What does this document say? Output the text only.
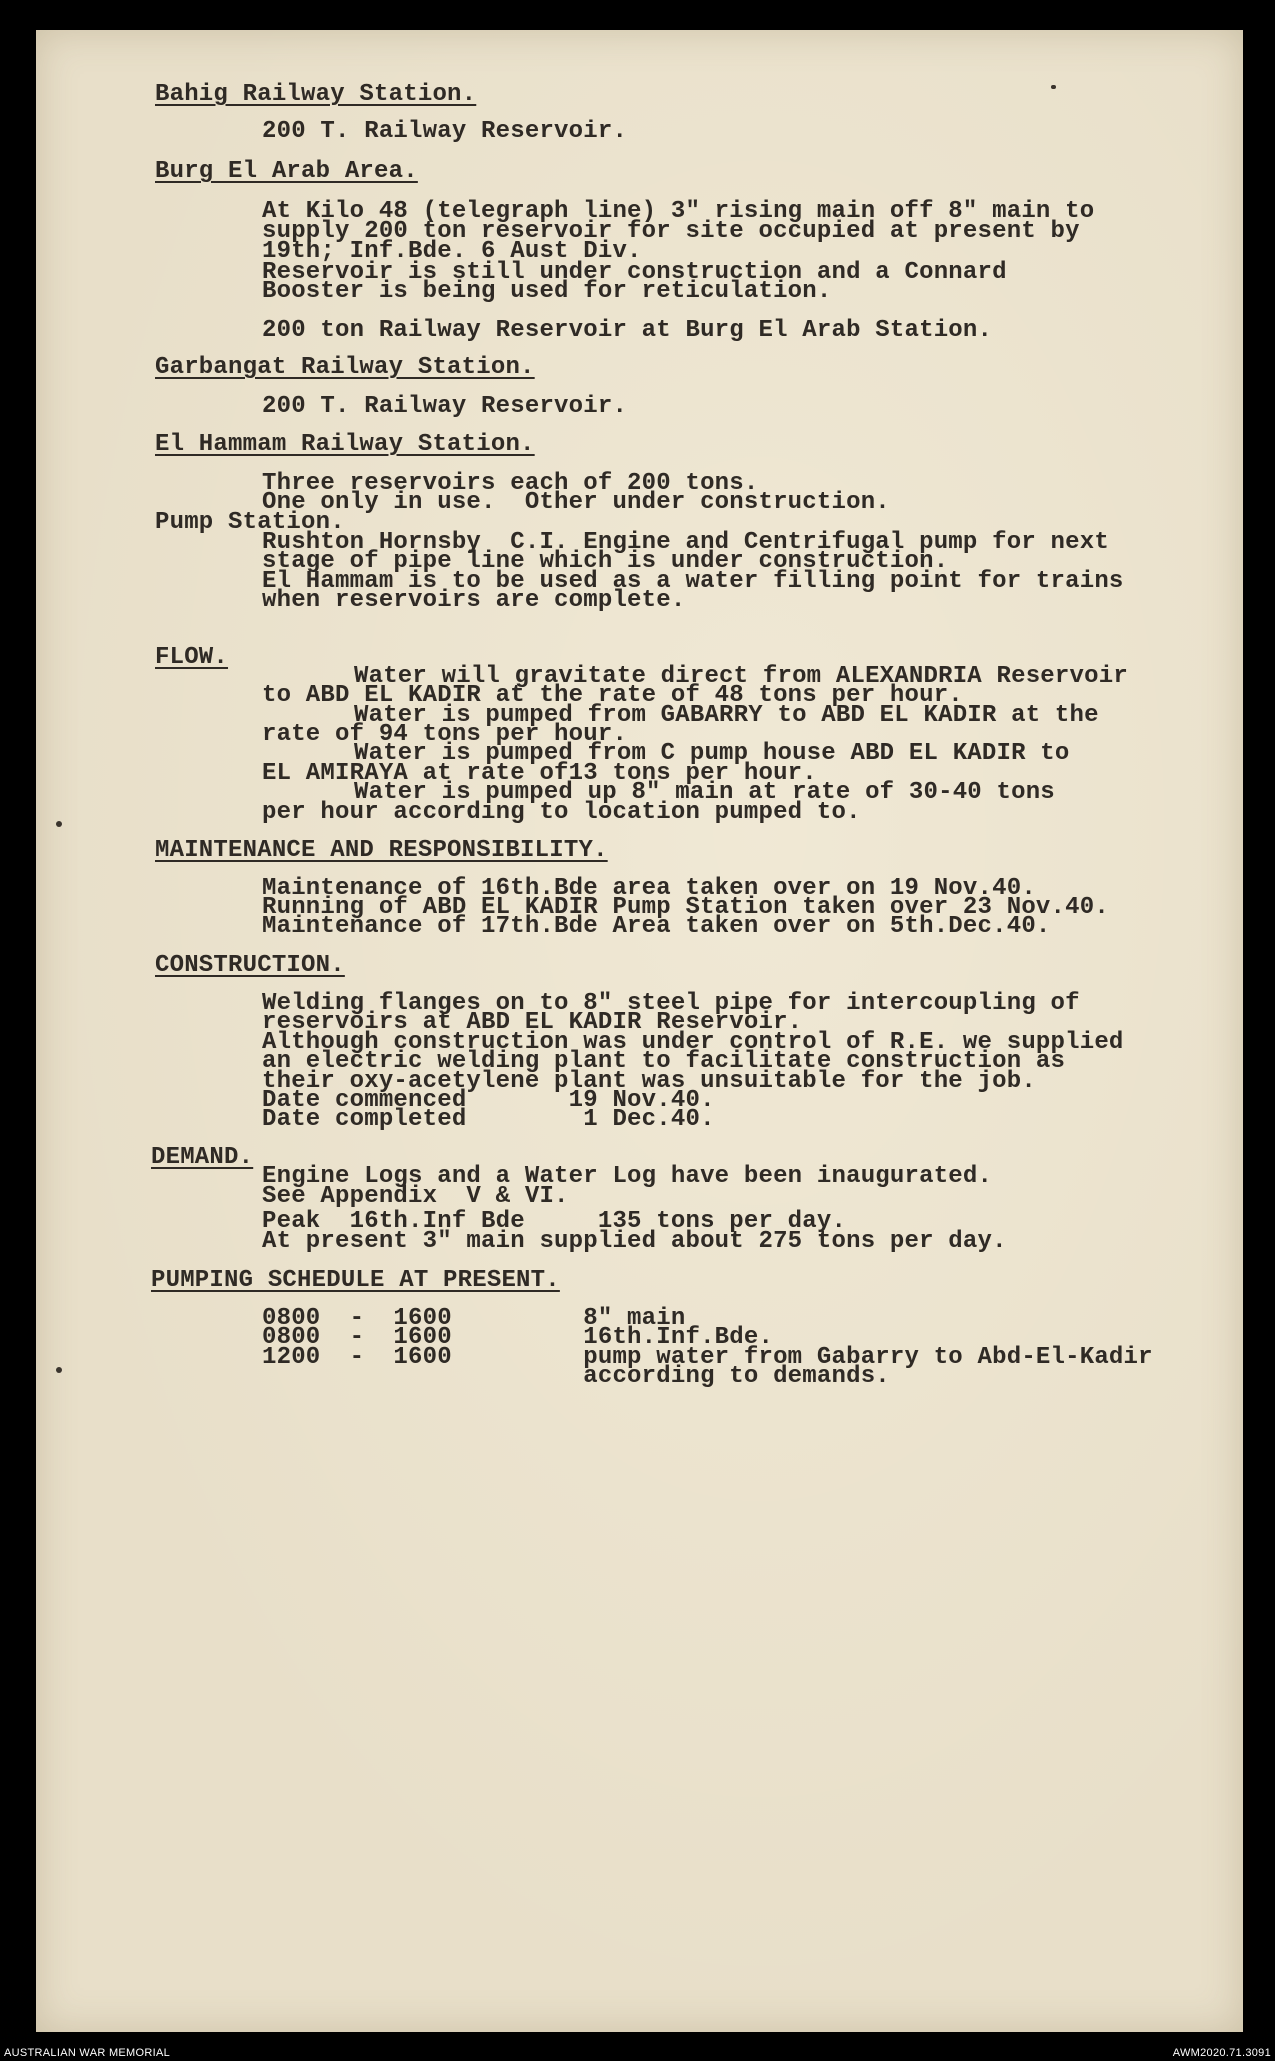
Bahig Railway Station.
200 T. Railway Reservoir.
Burg El Arab Area.
At Kilo 48 (telegraph line) 3" rising main off 8" main to
supply 200 ton reservoir for site occupied at present by
19th; Inf.Bde. 6 Aust Div.
Reservoir is still under construction and a Connard
Booster is being used for reticulation.
200 ton Railway Reservoir at Burg El Arab Station.
Garbangat Railway Station.
200 T. Railway Reservoir.
El Hammam Railway Station.
Three reservoirs each of 200 tons.
One only in use.  Other under construction.
Pump Station.
Rushton Hornsby  C.I. Engine and Centrifugal pump for next
stage of pipe line which is under construction.
El Hammam is to be used as a water filling point for trains
when reservoirs are complete.
FLOW.
Water will gravitate direct from ALEXANDRIA Reservoir
to ABD EL KADIR at the rate of 48 tons per hour.
Water is pumped from GABARRY to ABD EL KADIR at the
rate of 94 tons per hour.
Water is pumped from C pump house ABD EL KADIR to
EL AMIRAYA at rate of13 tons per hour.
Water is pumped up 8" main at rate of 30-40 tons
per hour according to location pumped to.
MAINTENANCE AND RESPONSIBILITY.
Maintenance of 16th.Bde area taken over on 19 Nov.40.
Running of ABD EL KADIR Pump Station taken over 23 Nov.40.
Maintenance of 17th.Bde Area taken over on 5th.Dec.40.
CONSTRUCTION.
Welding flanges on to 8" steel pipe for intercoupling of
reservoirs at ABD EL KADIR Reservoir.
Although construction was under control of R.E. we supplied
an electric welding plant to facilitate construction as
their oxy-acetylene plant was unsuitable for the job.
Date commenced       19 Nov.40.
Date completed        1 Dec.40.
DEMAND.
Engine Logs and a Water Log have been inaugurated.
See Appendix  V & VI.
Peak  16th.Inf Bde     135 tons per day.
At present 3" main supplied about 275 tons per day.
PUMPING SCHEDULE AT PRESENT.
0800  -  1600         8" main
0800  -  1600         16th.Inf.Bde.
1200  -  1600         pump water from Gabarry to Abd-El-Kadir
according to demands.
AUSTRALIAN WAR MEMORIAL	AWM2020.71.3091
